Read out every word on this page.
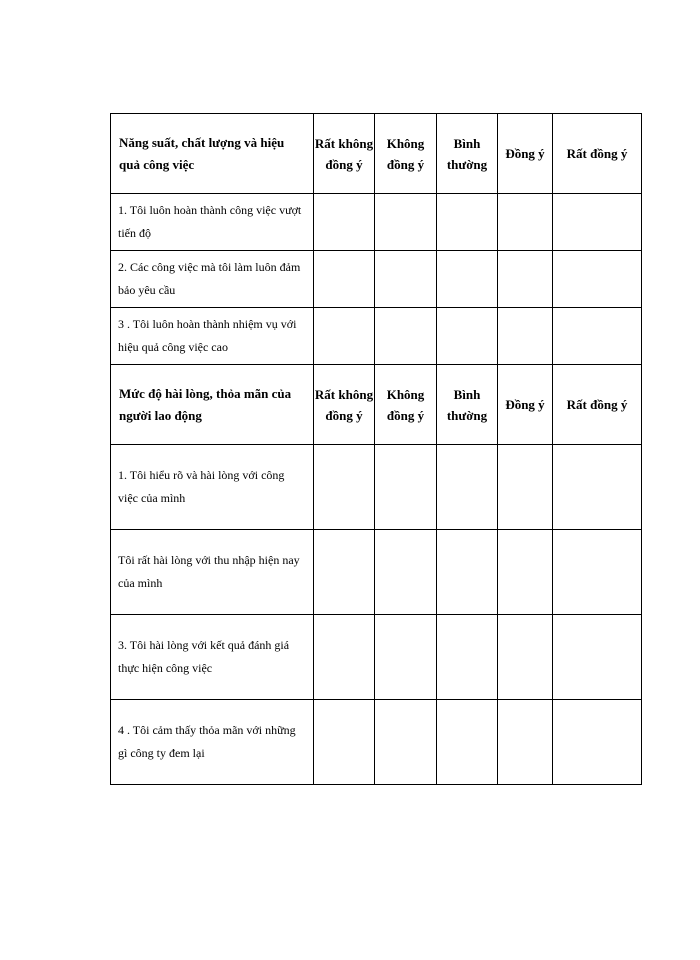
Năng suất, chất lượng và hiệu quả công việc	Rất không đồng ý	Không đồng ý	Bình thường	Đồng ý	Rất đồng ý
1. Tôi luôn hoàn thành công việc vượt tiến độ					
2. Các công việc mà tôi làm luôn đảm bảo yêu cầu					
3 . Tôi luôn hoàn thành nhiệm vụ với hiệu quả công việc cao					
Mức độ hài lòng, thỏa mãn của người lao động	Rất không đồng ý	Không đồng ý	Bình thường	Đồng ý	Rất đồng ý
1. Tôi hiểu rõ và hài lòng với công việc của mình					
Tôi rất hài lòng với thu nhập hiện nay của mình					
3. Tôi hài lòng với kết quả đánh giá thực hiện công việc					
4 . Tôi cảm thấy thỏa mãn với những gì công ty đem lại					
